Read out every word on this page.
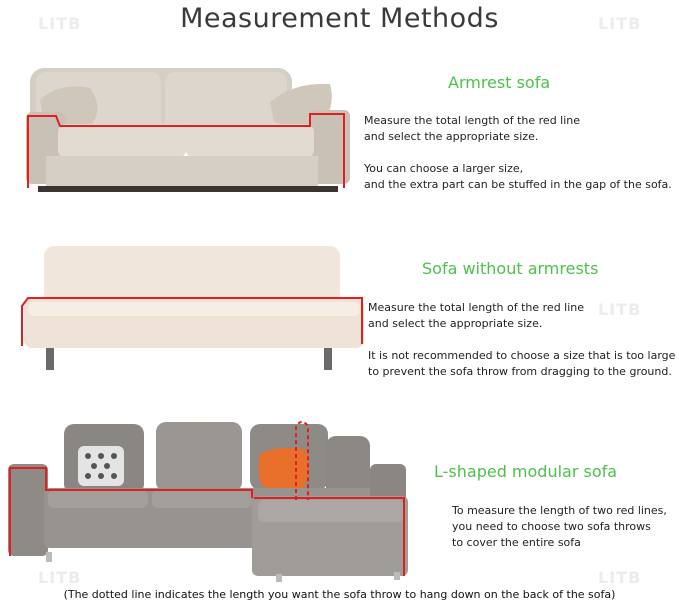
Measurement Methods
LITB	LITB
LITB
LITB	LITB
Armrest sofa

Measure the total length of the red line

and select the appropriate size.

You can choose a larger size,

and the extra part can be stuffed in the gap of the sofa.

Sofa without armrests

Measure the total length of the red line

and select the appropriate size.

It is not recommended to choose a size that is too large

to prevent the sofa throw from dragging to the ground.

L-shaped modular sofa

To measure the length of two red lines,

you need to choose two sofa throws

to cover the entire sofa

(The dotted line indicates the length you want the sofa throw to hang down on the back of the sofa)
